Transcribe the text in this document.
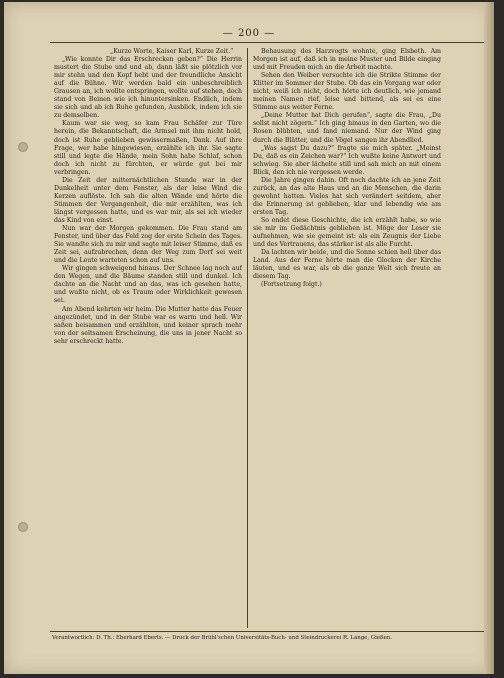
— 200 —

„Kurze Worte, Kaiser Karl, Kurze Zeit.“

„Wie konnte Dir das Erschrecken geben?“ Die Herrin mustert die Stube und und ab, dann läßt sie plötzlich vor mir stehn und den Kopf hebt und der freundliche Ansicht auf die Bühne. Wir werden bald ein unbeschreiblich Grausen an, ich wollte entspringen, wollte auf stehen, doch stand von Beinen wie ich hinuntersinken. Endlich, indem sie sich und ab ich Ruhe gefunden, Ausblick, indem ich sie zu demselben.

Kaum war sie weg, so kam Frau Schäfer zur Türe herein, die Bekanntschaft, die Armsel mit ihm nicht hold, doch ist Ruhe geblieben gewissermaßen, Dank. Auf ihre Frage, wer habe hingewiesen, erzählte ich ihr. Sie sagte still und legte die Hände, mein Sohn habe Schlaf, schon doch ich nicht zu fürchten, er würde gut bei mir verbringen.

Die Zeit der mitternächtlichen Stunde war in der Dunkelheit unter dem Fenster, als der leise Wind die Kerzen auflöste. Ich sah die alten Wände und hörte die Stimmen der Vergangenheit, die mir erzählten, was ich längst vergessen hatte, und es war mir, als sei ich wieder das Kind von einst.

Nun war der Morgen gekommen. Die Frau stand am Fenster, und über das Feld zog der erste Schein des Tages. Sie wandte sich zu mir und sagte mit leiser Stimme, daß es Zeit sei, aufzubrechen, denn der Weg zum Dorf sei weit und die Leute warteten schon auf uns.

Wir gingen schweigend hinaus. Der Schnee lag noch auf den Wegen, und die Bäume standen still und dunkel. Ich dachte an die Nacht und an das, was ich gesehen hatte, und wußte nicht, ob es Traum oder Wirklichkeit gewesen sei.

Am Abend kehrten wir heim. Die Mutter hatte das Feuer angezündet, und in der Stube war es warm und hell. Wir saßen beisammen und erzählten, und keiner sprach mehr von der seltsamen Erscheinung, die uns in jener Nacht so sehr erschreckt hatte.

Behausung des Harzvogts wohnte, ging Elsbeth. Am Morgen ist auf, daß ich in meine Muster und Bilde einging und mit Freuden mich an die Arbeit machte.

Sehen den Weiber versuchte ich die Strikte Stimme der Klitter im Sommer der Stube. Ob das ein Vorgang war oder nicht, weiß ich nicht, doch hörte ich deutlich, wie jemand meinen Namen rief, leise und bittend, als sei es eine Stimme aus weiter Ferne.

„Deine Mutter hat Dich gerufen“, sagte die Frau, „Du sollst nicht zögern.“ Ich ging hinaus in den Garten, wo die Rosen blühten, und fand niemand. Nur der Wind ging durch die Blätter, und die Vögel sangen ihr Abendlied.

„Was sagst Du dazu?“ fragte sie mich später. „Meinst Du, daß es ein Zeichen war?“ Ich wußte keine Antwort und schwieg. Sie aber lächelte still und sah mich an mit einem Blick, den ich nie vergessen werde.

Die Jahre gingen dahin. Oft noch dachte ich an jene Zeit zurück, an das alte Haus und an die Menschen, die darin gewohnt hatten. Vieles hat sich verändert seitdem, aber die Erinnerung ist geblieben, klar und lebendig wie am ersten Tag.

So endet diese Geschichte, die ich erzählt habe, so wie sie mir im Gedächtnis geblieben ist. Möge der Leser sie aufnehmen, wie sie gemeint ist: als ein Zeugnis der Liebe und des Vertrauens, das stärker ist als alle Furcht.

Da lachten wir beide, und die Sonne schien hell über das Land. Aus der Ferne hörte man die Glocken der Kirche läuten, und es war, als ob die ganze Welt sich freute an diesem Tag.

(Fortsetzung folgt.)

Verantwortlich: D. Th.: Eberhard Eberts. — Druck der Brühl'schen Universitäts-Buch- und Steindruckerei R. Lange, Gießen.
